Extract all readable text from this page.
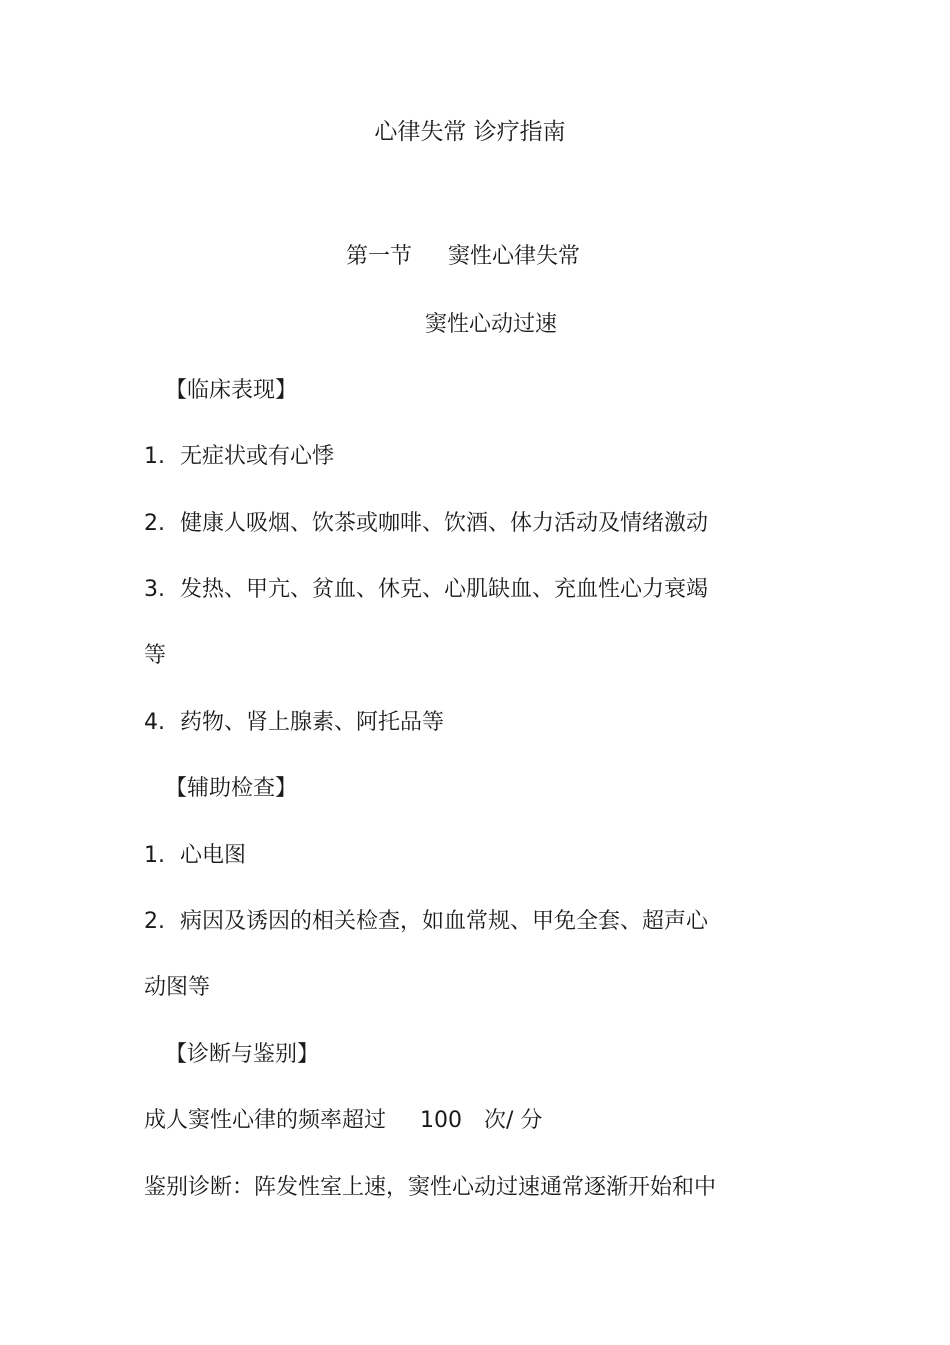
心律失常 诊疗指南
第一节 窦性心律失常
窦性心动过速
【临床表现】
1. 无症状或有心悸
2. 健康人吸烟、饮茶或咖啡、饮酒、体力活动及情绪激动
3. 发热、甲亢、贫血、休克、心肌缺血、充血性心力衰竭
等
4. 药物、肾上腺素、阿托品等
【辅助检查】
1. 心电图
2. 病因及诱因的相关检查，如血常规、甲免全套、超声心
动图等
【诊断与鉴别】
成人窦性心律的频率超过 100 次/ 分
鉴别诊断：阵发性室上速，窦性心动过速通常逐渐开始和中
